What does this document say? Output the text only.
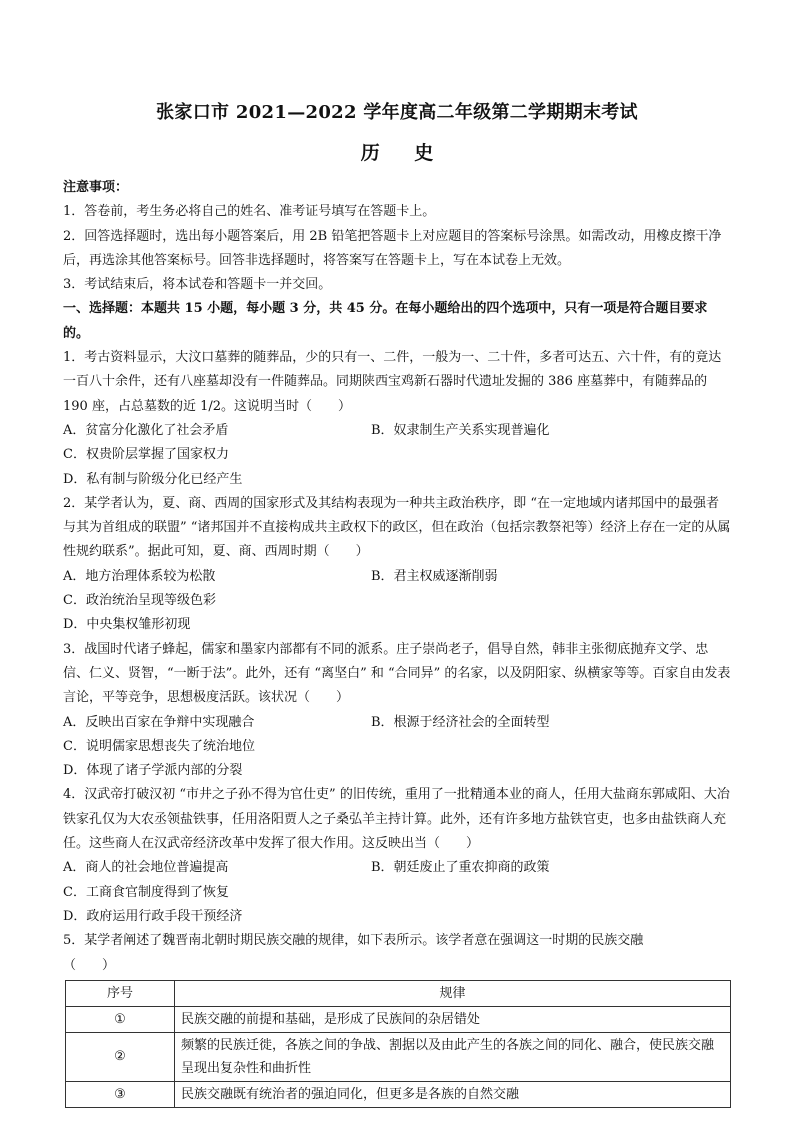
张家口市 2021—2022 学年度高二年级第二学期期末考试
历 史

注意事项：

1．答卷前，考生务必将自己的姓名、准考证号填写在答题卡上。

2．回答选择题时，选出每小题答案后，用 2B 铅笔把答题卡上对应题目的答案标号涂黑。如需改动，用橡皮擦干净后，再选涂其他答案标号。回答非选择题时，将答案写在答题卡上，写在本试卷上无效。

3．考试结束后，将本试卷和答题卡一并交回。

一、选择题：本题共 15 小题，每小题 3 分，共 45 分。在每小题给出的四个选项中，只有一项是符合题目要求的。

1．考古资料显示，大汶口墓葬的随葬品，少的只有一、二件，一般为一、二十件，多者可达五、六十件，有的竟达一百八十余件，还有八座墓却没有一件随葬品。同期陕西宝鸡新石器时代遗址发掘的 386 座墓葬中，有随葬品的 190 座，占总墓数的近 1/2。这说明当时（　　）

A．贫富分化激化了社会矛盾	B．奴隶制生产关系实现普遍化
C．权贵阶层掌握了国家权力
D．私有制与阶级分化已经产生

2．某学者认为，夏、商、西周的国家形式及其结构表现为一种共主政治秩序，即 “在一定地域内诸邦国中的最强者与其为首组成的联盟” “诸邦国并不直接构成共主政权下的政区，但在政治（包括宗教祭祀等）经济上存在一定的从属性规约联系”。据此可知，夏、商、西周时期（　　）

A．地方治理体系较为松散	B．君主权威逐渐削弱
C．政治统治呈现等级色彩
D．中央集权雏形初现

3．战国时代诸子蜂起，儒家和墨家内部都有不同的派系。庄子崇尚老子，倡导自然，韩非主张彻底抛弃文学、忠信、仁义、贤智，“一断于法”。此外，还有 “离坚白” 和 “合同异” 的名家，以及阴阳家、纵横家等等。百家自由发表言论，平等竞争，思想极度活跃。该状况（　　）

A．反映出百家在争辩中实现融合	B．根源于经济社会的全面转型
C．说明儒家思想丧失了统治地位
D．体现了诸子学派内部的分裂

4．汉武帝打破汉初 “市井之子孙不得为官仕吏” 的旧传统，重用了一批精通本业的商人，任用大盐商东郭咸阳、大冶铁家孔仅为大农丞领盐铁事，任用洛阳贾人之子桑弘羊主持计算。此外，还有许多地方盐铁官吏，也多由盐铁商人充任。这些商人在汉武帝经济改革中发挥了很大作用。这反映出当（　　）

A．商人的社会地位普遍提高	B．朝廷废止了重农抑商的政策
C．工商食官制度得到了恢复
D．政府运用行政手段干预经济

5．某学者阐述了魏晋南北朝时期民族交融的规律，如下表所示。该学者意在强调这一时期的民族交融

（　　）

序号	规律
①	民族交融的前提和基础，是形成了民族间的杂居错处
②	频繁的民族迁徙，各族之间的争战、割据以及由此产生的各族之间的同化、融合，使民族交融呈现出复杂性和曲折性
③	民族交融既有统治者的强迫同化，但更多是各族的自然交融
